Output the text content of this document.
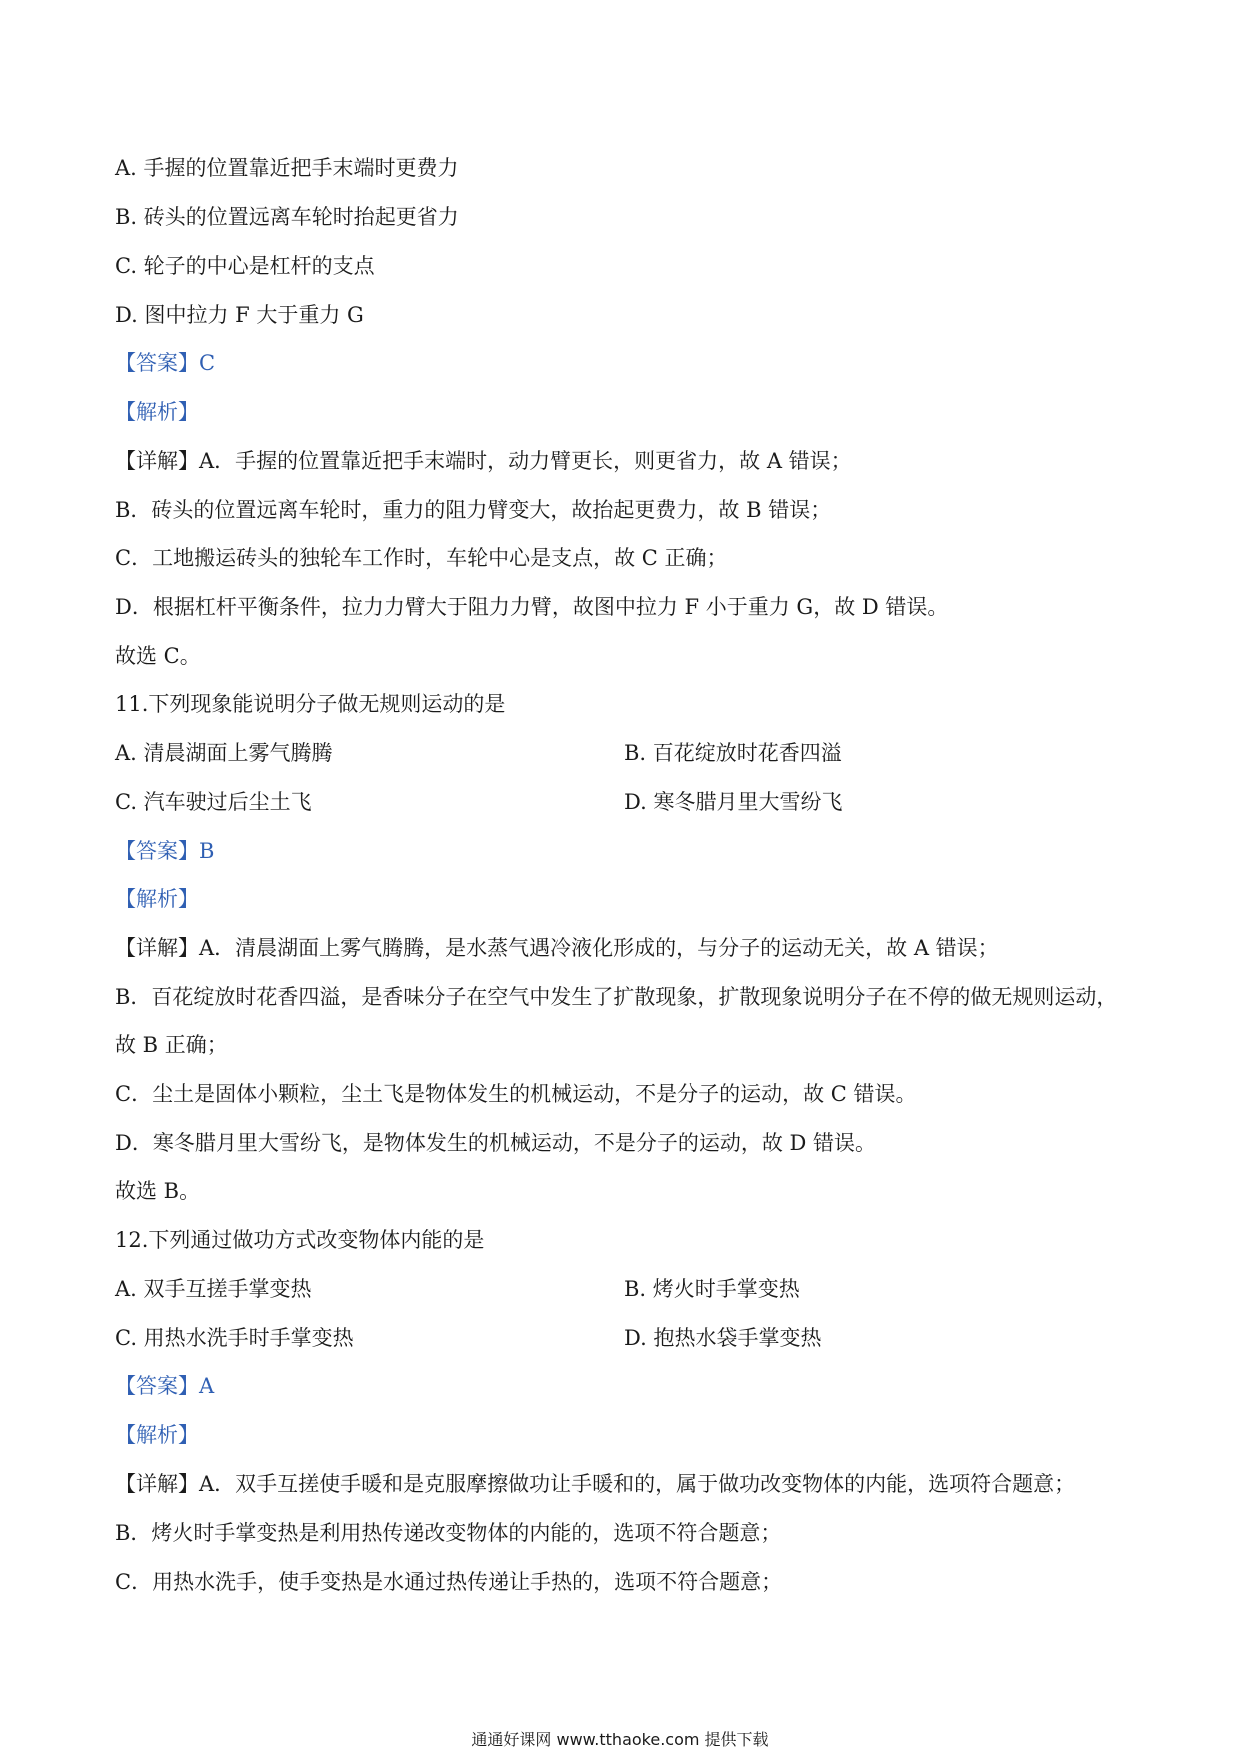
A. 手握的位置靠近把手末端时更费力
B. 砖头的位置远离车轮时抬起更省力
C. 轮子的中心是杠杆的支点
D. 图中拉力 F 大于重力 G
【答案】C
【解析】
【详解】A．手握的位置靠近把手末端时，动力臂更长，则更省力，故 A 错误；
B．砖头的位置远离车轮时，重力的阻力臂变大，故抬起更费力，故 B 错误；
C．工地搬运砖头的独轮车工作时，车轮中心是支点，故 C 正确；
D．根据杠杆平衡条件，拉力力臂大于阻力力臂，故图中拉力 F 小于重力 G，故 D 错误。
故选 C。
11.下列现象能说明分子做无规则运动的是
A. 清晨湖面上雾气腾腾	B. 百花绽放时花香四溢
C. 汽车驶过后尘土飞	D. 寒冬腊月里大雪纷飞
【答案】B
【解析】
【详解】A．清晨湖面上雾气腾腾，是水蒸气遇冷液化形成的，与分子的运动无关，故 A 错误；
B．百花绽放时花香四溢，是香味分子在空气中发生了扩散现象，扩散现象说明分子在不停的做无规则运动，
故 B 正确；
C．尘土是固体小颗粒，尘土飞是物体发生的机械运动，不是分子的运动，故 C 错误。
D．寒冬腊月里大雪纷飞，是物体发生的机械运动，不是分子的运动，故 D 错误。
故选 B。
12.下列通过做功方式改变物体内能的是
A. 双手互搓手掌变热	B. 烤火时手掌变热
C. 用热水洗手时手掌变热	D. 抱热水袋手掌变热
【答案】A
【解析】
【详解】A．双手互搓使手暖和是克服摩擦做功让手暖和的，属于做功改变物体的内能，选项符合题意；
B．烤火时手掌变热是利用热传递改变物体的内能的，选项不符合题意；
C．用热水洗手，使手变热是水通过热传递让手热的，选项不符合题意；
通通好课网 www.tthaoke.com 提供下载
